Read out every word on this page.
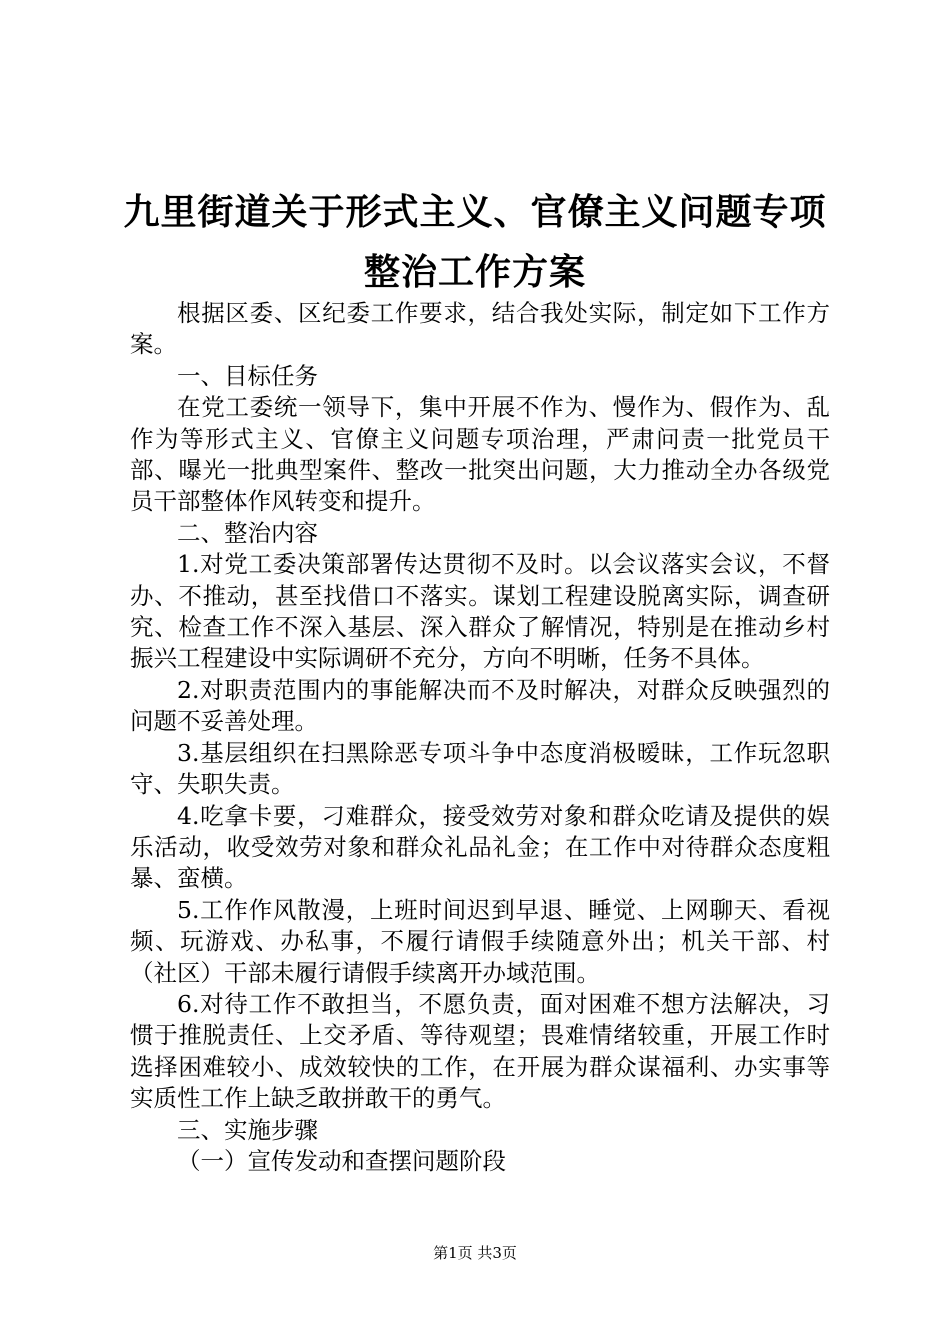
九里街道关于形式主义、官僚主义问题专项整治工作方案

根据区委、区纪委工作要求，结合我处实际，制定如下工作方案。

一、目标任务

在党工委统一领导下，集中开展不作为、慢作为、假作为、乱作为等形式主义、官僚主义问题专项治理，严肃问责一批党员干部、曝光一批典型案件、整改一批突出问题，大力推动全办各级党员干部整体作风转变和提升。

二、整治内容

1.对党工委决策部署传达贯彻不及时。以会议落实会议，不督办、不推动，甚至找借口不落实。谋划工程建设脱离实际，调查研究、检查工作不深入基层、深入群众了解情况，特别是在推动乡村振兴工程建设中实际调研不充分，方向不明晰，任务不具体。

2.对职责范围内的事能解决而不及时解决，对群众反映强烈的问题不妥善处理。

3.基层组织在扫黑除恶专项斗争中态度消极暧昧，工作玩忽职守、失职失责。

4.吃拿卡要，刁难群众，接受效劳对象和群众吃请及提供的娱乐活动，收受效劳对象和群众礼品礼金；在工作中对待群众态度粗暴、蛮横。

5.工作作风散漫，上班时间迟到早退、睡觉、上网聊天、看视频、玩游戏、办私事，不履行请假手续随意外出；机关干部、村（社区）干部未履行请假手续离开办域范围。

6.对待工作不敢担当，不愿负责，面对困难不想方法解决，习惯于推脱责任、上交矛盾、等待观望；畏难情绪较重，开展工作时选择困难较小、成效较快的工作，在开展为群众谋福利、办实事等实质性工作上缺乏敢拼敢干的勇气。

三、实施步骤

（一）宣传发动和查摆问题阶段

第1页 共3页
